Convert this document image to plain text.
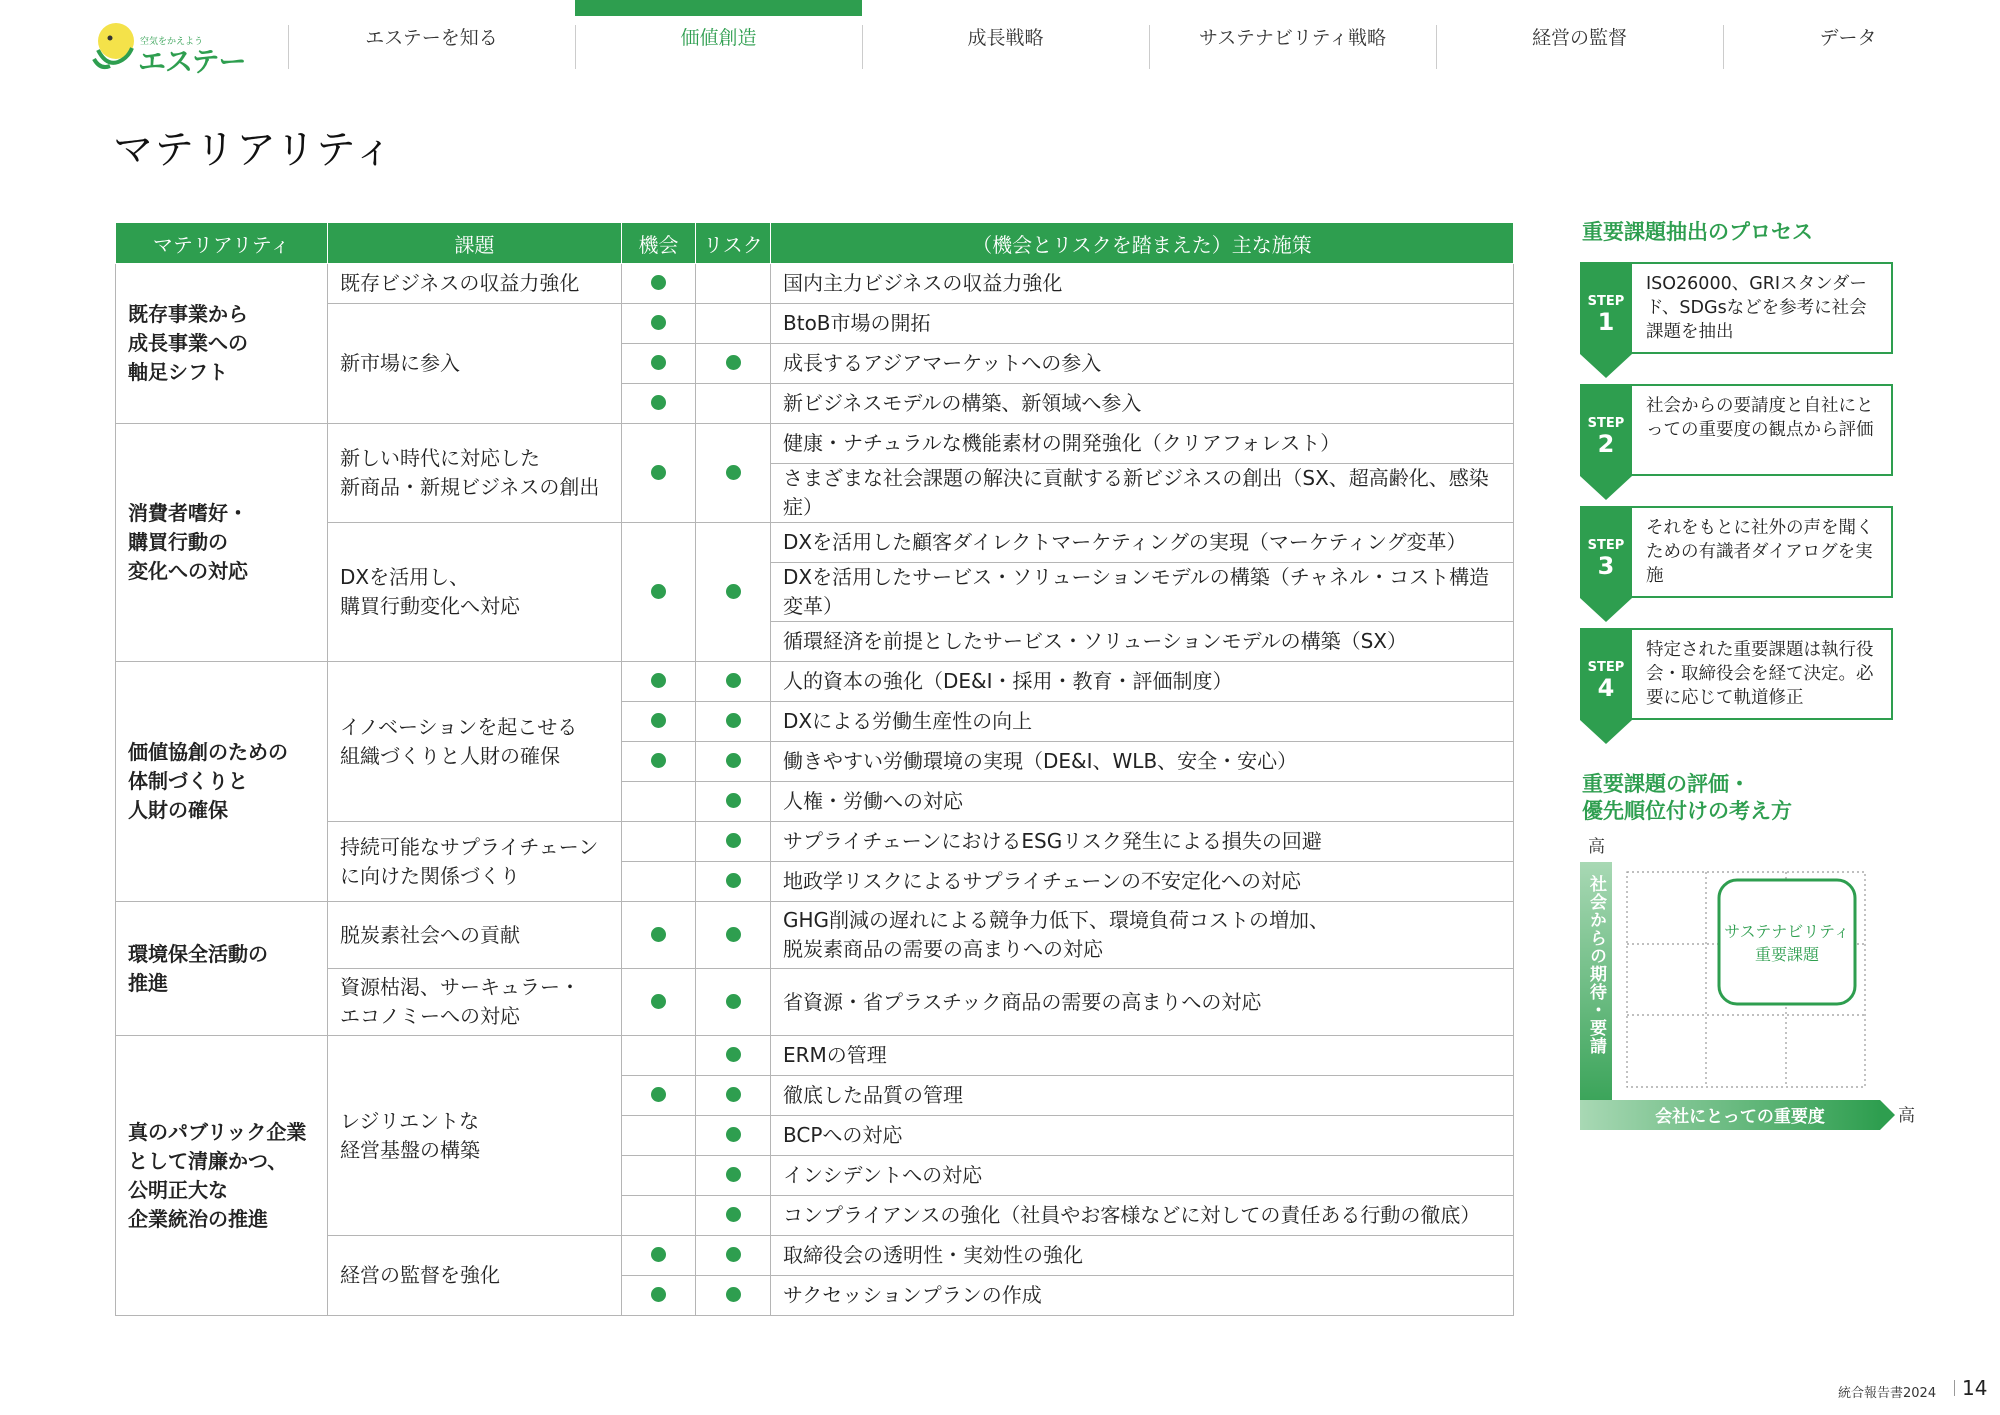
空気をかえよう
エステー
エステーを知る	価値創造	成長戦略	サステナビリティ戦略	経営の監督	データ
マテリアリティ
マテリアリティ	課題	機会	リスク	（機会とリスクを踏まえた）主な施策
既存事業から
成長事業への
軸足シフト	既存ビジネスの収益力強化			国内主力ビジネスの収益力強化
	新市場に参入			BtoB市場の開拓
				成長するアジアマーケットへの参入
				新ビジネスモデルの構築、新領域へ参入
消費者嗜好・
購買行動の
変化への対応	新しい時代に対応した
新商品・新規ビジネスの創出			健康・ナチュラルな機能素材の開発強化（クリアフォレスト）
				さまざまな社会課題の解決に貢献する新ビジネスの創出（SX、超高齢化、感染症）
	DXを活用し、
購買行動変化へ対応			DXを活用した顧客ダイレクトマーケティングの実現（マーケティング変革）
				DXを活用したサービス・ソリューションモデルの構築（チャネル・コスト構造変革）
				循環経済を前提としたサービス・ソリューションモデルの構築（SX）
価値協創のための
体制づくりと
人財の確保	イノベーションを起こせる
組織づくりと人財の確保			人的資本の強化（DE&I・採用・教育・評価制度）
				DXによる労働生産性の向上
				働きやすい労働環境の実現（DE&I、WLB、安全・安心）
				人権・労働への対応
	持続可能なサプライチェーン
に向けた関係づくり			サプライチェーンにおけるESGリスク発生による損失の回避
				地政学リスクによるサプライチェーンの不安定化への対応
環境保全活動の
推進	脱炭素社会への貢献			GHG削減の遅れによる競争力低下、環境負荷コストの増加、
脱炭素商品の需要の高まりへの対応
	資源枯渇、サーキュラー・
エコノミーへの対応			省資源・省プラスチック商品の需要の高まりへの対応
真のパブリック企業
として清廉かつ、
公明正大な
企業統治の推進	レジリエントな
経営基盤の構築			ERMの管理
				徹底した品質の管理
				BCPへの対応
				インシデントへの対応
				コンプライアンスの強化（社員やお客様などに対しての責任ある行動の徹底）
	経営の監督を強化			取締役会の透明性・実効性の強化
				サクセッションプランの作成
重要課題抽出のプロセス
STEP
1
ISO26000、GRIスタンダード、SDGsなどを参考に社会課題を抽出
STEP
2
社会からの要請度と自社にとっての重要度の観点から評価
STEP
3
それをもとに社外の声を聞くための有識者ダイアログを実施
STEP
4
特定された重要課題は執行役会・取締役会を経て決定。必要に応じて軌道修正
重要課題の評価・
優先順位付けの考え方
高
高
会社にとっての重要度
社会からの期待・要請	サステナビリティ
重要課題
統合報告書2024 14
